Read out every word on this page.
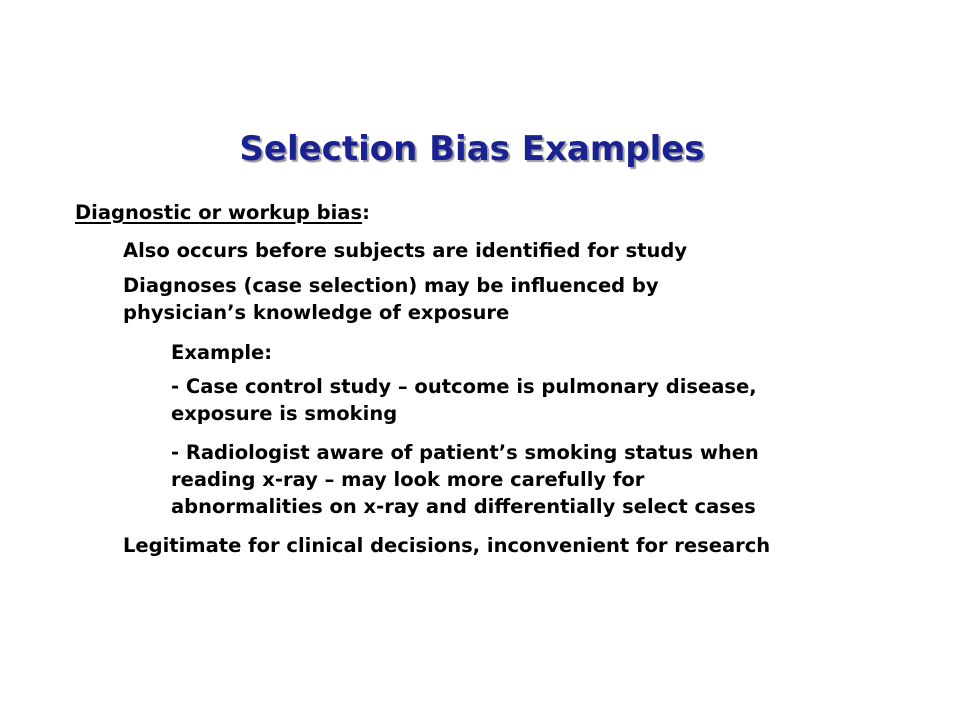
Selection Bias Examples

Diagnostic or workup bias:

Also occurs before subjects are identified for study

Diagnoses (case selection) may be influenced by

physician’s knowledge of exposure

Example:

- Case control study – outcome is pulmonary disease,

exposure is smoking

- Radiologist aware of patient’s smoking status when

reading x-ray – may look more carefully for

abnormalities on x-ray and differentially select cases

Legitimate for clinical decisions, inconvenient for research
